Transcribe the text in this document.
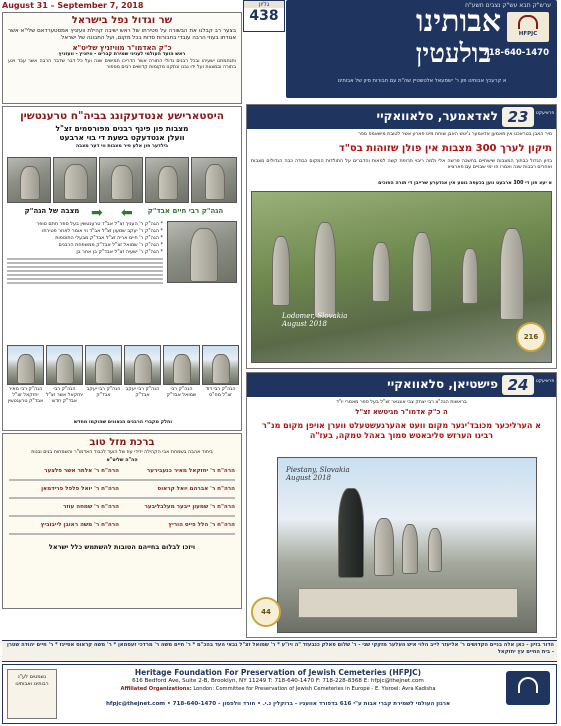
ערש"ק תבא עש"ק נצבים תשע"ח
HFPJC
אבותינו
בולעטין
718-640-1470
א קרעכץ אבותינו פון ר' ישמעאל אלטשטיין שה"ת עם חבורות סיון של אבותינו
גליון
438
August 31 – September 7, 2018
שר וגדול נפל בישראל
בצער רב קבלנו את הבשורה על פטירתו של ראש ישיבה קהילת וועזניץ אמסטערדאם שלי"א אשר אגודתו בעוזי הרבה עובדי בחבורות סדות בכל מקום, ועל התבונה של ישראל
כ"ק האדמו"ר מוויזניץ שליט"א
ראש הועד העולמי לעניני שמירת קברים - וויזניץ - וועזניץ
ותנחמתנו ישעיהו ובכל רבנים גדולי התורה אשר הדריכו חמישים שנה ועל כל דבר שדבר הרבה אשר עבד ויגע בתורה ובמצוות ועל ידו נבנו ונתקנו מקומות קדושים רבים מספור
היסטארישע אנטדעקונג בביה"ח טרענטשין
מצבות פון פינף רבנים מפורסמים זצ"ל
וועלן אנטדעקט בשעת די בוי ארבעט
בילדער פון אלע פיר מצבות ווי דער מצבה
מצבה של הגה"ק ➡	הגה"ק רבי חיים אבד"ק
⬅
* הגה"ק ר' העניך זצ"ל אב"ד טרענטשין בעל ספר חתם סופר
* הגה"ק ר' יעקב שמעון זצ"ל אב"ד ווי אומר לאחר פטירתו
* הגה"ק ר' חיים אריה זצ"ל אבד"ק מבעלי התוספות
* הגה"ק ר' שמואל זצ"ל אבד"ק ממשפחת הרבנים
* הגה"ק ר' ישעיה זצ"ל אבד"ק בן אחר בן
הגה"ק רבי מאיר יחזקאל זצ"ל אבד"ק טרענטשין
הגה"ק רבי יחזקאל אשר זצ"ל אבד"ק חדש
הגה"ק רבי יעקב אבד"ק
הגה"ק רבי יעקב אבד"ק
הגה"ק רבי שמואל אבד"ק
הגה"ק רבי דוד זצ"ל מח"ס
וחלק מקברי הרבנים הגאונים שהוקמו מחדש
ברכת מזל טוב
ביחוד אהבה בשמחת אבי הקהילה ידידי עוז של הועד לכבוד האדמו"ר והשמחות בנים ובנות
הה"ה שליט"א
הרה"ח ר' יחזקאל מאיר כנעבירער
הרה"ח ר' אלתר אשר פלצער
הרה"ח ר' אברהם יואל קראוס
הרה"ח ר' יואל פלפל פרידמאן
הרה"ח ר' שמעון ייבער מעלבליבער
הרה"ח ר' שמחה עוזר
הרה"ח ר' הלל פייס הוריץ
הרה"ח ר' משה ראובן לייבוביץ
ויזכו לבלום בחייהם הטובות להשתמש כלל ישראל
לאדאמער, סלאוואקיי 23	פראיעקט
מיר האבן בטראכט אין מאמען אדאמער ג'יטש האבן שוחח מיט פארע אשר לטובת מישאמפ ספר
תיקון לערך 300 מצבות אין פולן שזוהות בס"ד
בזיון הגדול כבתוך המצבות שישתיים בחשכה פרשה אלי ולמה ריבוי תרופת קשה למאות והדברים על התולדות המקום כבודה כבה הגדולים מצבות ואחרים רבבות שנה ואמרו וזו ימי שבויים עם פארציא
א יעצ פון די 300 ארבעט ווען בכעפה גוטע אין אנדערע שרייבן די תורה הפוכים
Lodomer, Slovakia August 2018
216
פישטיאן, סלאוואקיי 24	פראיעקט
בראשות הגה"צ רבי יצחק צבי אונגאר זצ"ל בעל ספר מאמרי יו"ד
ה כ"ק אדמו"ר מגיטשא זצ"ל
א הערליכער מכובד'יגער מקום וועט אהערגעשטעלט ווערן אויפן מקום מנ"ר רבינו הערזש סליבאטש סמוך באהל טמקה, בעז"ה
Piestany, Slovakia August 2018
44
הדור בזיון - כאן אלה בניים הקדושים ר' אליעזר לייב הלוי איש העלער מזקקי שני - ר' שלום פאלק כנבעזד "ה ויו"ע * ר' שמואל זצ"ל גבאי העד בהכ"ם * ר' חיים משה ר' מרדכי זעסמאן * ר' משה קראוס אסייגז * ר' חיים יהודה שטרן - בית החיים עץ יחזקאל
Heritage Foundation For Preservation of Jewish Cemeteries (HFPJC)
616 Bedford Ave, Suite 2-B, Brooklyn, NY 11249 T: 718-640-1470 F: 718-228-8368 E: hfpjc@thejnet.com
Affiliated Organizations: London: Committee for Preservation of Jewish Cemeteries in Europe - E. Yisroel: Avra Kadisha
ארגון העולמי לשמירת קברי אבות ע"י 616 בדפורד אוועניו - ברוקלין נ.י. • חורד וולפסון - 718-640-1470 • hfpjc@thejnet.com
נשמטים לע"נ רבותינו ואבותינו
